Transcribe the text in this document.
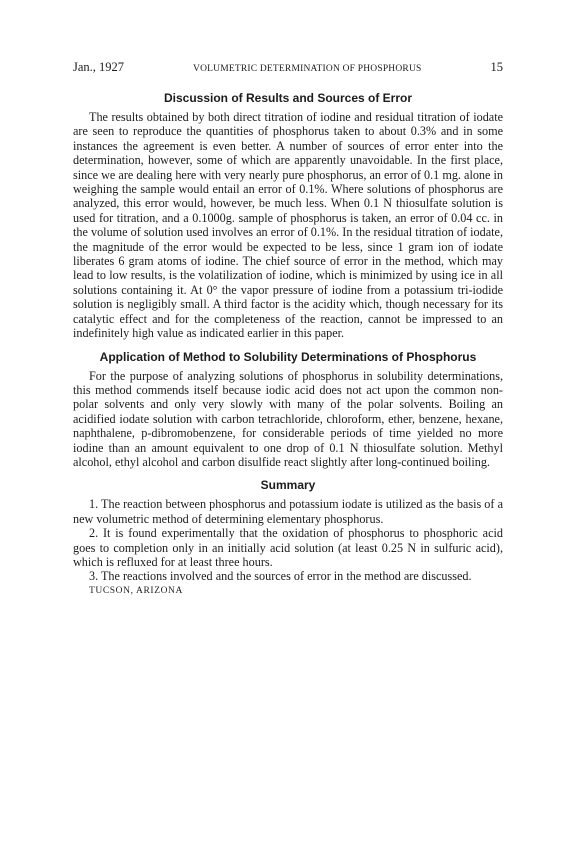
Jan., 1927	VOLUMETRIC DETERMINATION OF PHOSPHORUS	15
Discussion of Results and Sources of Error

The results obtained by both direct titration of iodine and residual titration of iodate are seen to reproduce the quantities of phosphorus taken to about 0.3% and in some instances the agreement is even better. A number of sources of error enter into the determination, however, some of which are apparently unavoidable. In the first place, since we are dealing here with very nearly pure phosphorus, an error of 0.1 mg. alone in weighing the sample would entail an error of 0.1%. Where solutions of phosphorus are analyzed, this error would, however, be much less. When 0.1 N thiosulfate solution is used for titration, and a 0.1000g. sample of phosphorus is taken, an error of 0.04 cc. in the volume of solution used involves an error of 0.1%. In the residual titration of iodate, the magnitude of the error would be expected to be less, since 1 gram ion of iodate liberates 6 gram atoms of iodine. The chief source of error in the method, which may lead to low results, is the volatilization of iodine, which is minimized by using ice in all solutions containing it. At 0° the vapor pressure of iodine from a potassium tri-iodide solution is negligibly small. A third factor is the acidity which, though necessary for its catalytic effect and for the completeness of the reaction, cannot be impressed to an indefinitely high value as indicated earlier in this paper.

Application of Method to Solubility Determinations of Phosphorus

For the purpose of analyzing solutions of phosphorus in solubility determinations, this method commends itself because iodic acid does not act upon the common non-polar solvents and only very slowly with many of the polar solvents. Boiling an acidified iodate solution with carbon tetrachloride, chloroform, ether, benzene, hexane, naphthalene, p-dibromobenzene, for considerable periods of time yielded no more iodine than an amount equivalent to one drop of 0.1 N thiosulfate solution. Methyl alcohol, ethyl alcohol and carbon disulfide react slightly after long-continued boiling.

Summary
1. The reaction between phosphorus and potassium iodate is utilized as the basis of a new volumetric method of determining elementary phosphorus.
2. It is found experimentally that the oxidation of phosphorus to phosphoric acid goes to completion only in an initially acid solution (at least 0.25 N in sulfuric acid), which is refluxed for at least three hours.
3. The reactions involved and the sources of error in the method are discussed.
TUCSON, ARIZONA
